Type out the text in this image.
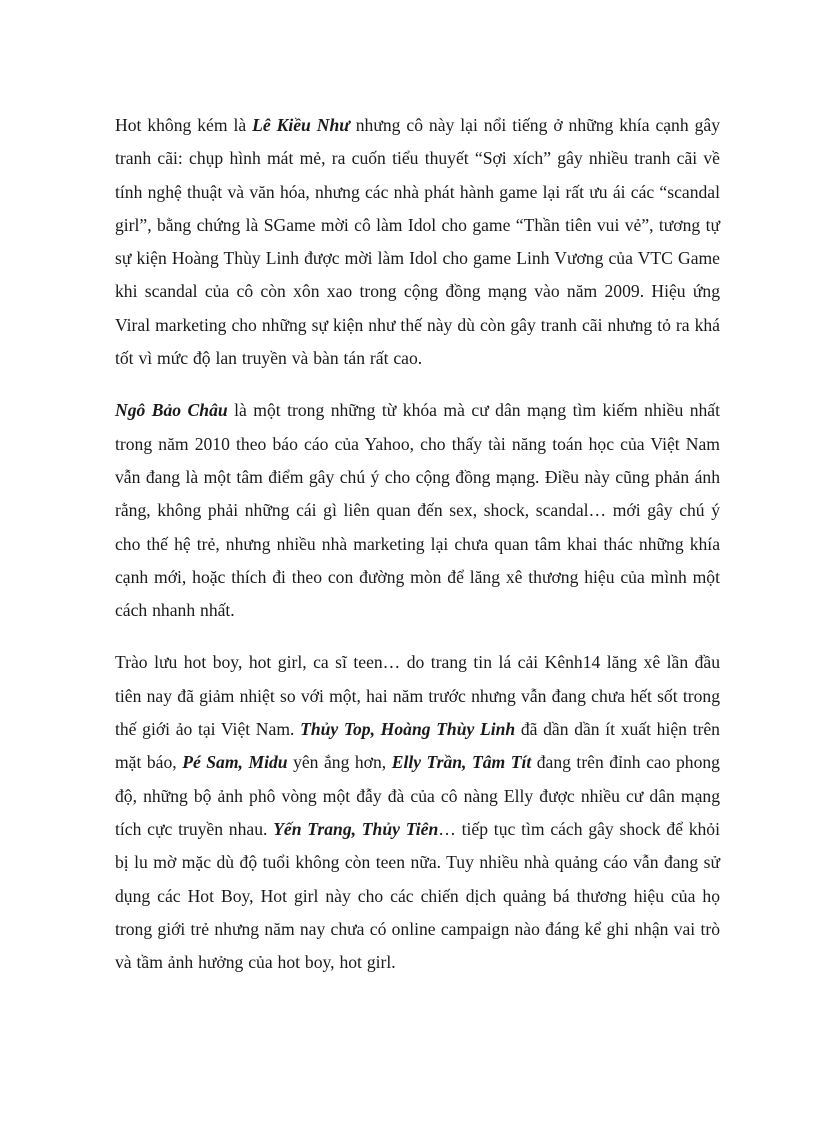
Hot không kém là Lê Kiều Như nhưng cô này lại nổi tiếng ở những khía cạnh gây tranh cãi: chụp hình mát mẻ, ra cuốn tiểu thuyết “Sợi xích” gây nhiều tranh cãi về tính nghệ thuật và văn hóa, nhưng các nhà phát hành game lại rất ưu ái các “scandal girl”, bằng chứng là SGame mời cô làm Idol cho game “Thần tiên vui vẻ”, tương tự sự kiện Hoàng Thùy Linh được mời làm Idol cho game Linh Vương của VTC Game khi scandal của cô còn xôn xao trong cộng đồng mạng vào năm 2009. Hiệu ứng Viral marketing cho những sự kiện như thế này dù còn gây tranh cãi nhưng tỏ ra khá tốt vì mức độ lan truyền và bàn tán rất cao.

Ngô Bảo Châu là một trong những từ khóa mà cư dân mạng tìm kiếm nhiều nhất trong năm 2010 theo báo cáo của Yahoo, cho thấy tài năng toán học của Việt Nam vẫn đang là một tâm điểm gây chú ý cho cộng đồng mạng. Điều này cũng phản ánh rằng, không phải những cái gì liên quan đến sex, shock, scandal… mới gây chú ý cho thế hệ trẻ, nhưng nhiều nhà marketing lại chưa quan tâm khai thác những khía cạnh mới, hoặc thích đi theo con đường mòn để lăng xê thương hiệu của mình một cách nhanh nhất.

Trào lưu hot boy, hot girl, ca sĩ teen… do trang tin lá cải Kênh14 lăng xê lần đầu tiên nay đã giảm nhiệt so với một, hai năm trước nhưng vẫn đang chưa hết sốt trong thế giới ảo tại Việt Nam. Thủy Top, Hoàng Thùy Linh đã dần dần ít xuất hiện trên mặt báo, Pé Sam, Midu yên ắng hơn, Elly Trần, Tâm Tít đang trên đỉnh cao phong độ, những bộ ảnh phô vòng một đẫy đà của cô nàng Elly được nhiều cư dân mạng tích cực truyền nhau. Yến Trang, Thủy Tiên… tiếp tục tìm cách gây shock để khỏi bị lu mờ mặc dù độ tuổi không còn teen nữa. Tuy nhiều nhà quảng cáo vẫn đang sử dụng các Hot Boy, Hot girl này cho các chiến dịch quảng bá thương hiệu của họ trong giới trẻ nhưng năm nay chưa có online campaign nào đáng kể ghi nhận vai trò và tầm ảnh hưởng của hot boy, hot girl.
